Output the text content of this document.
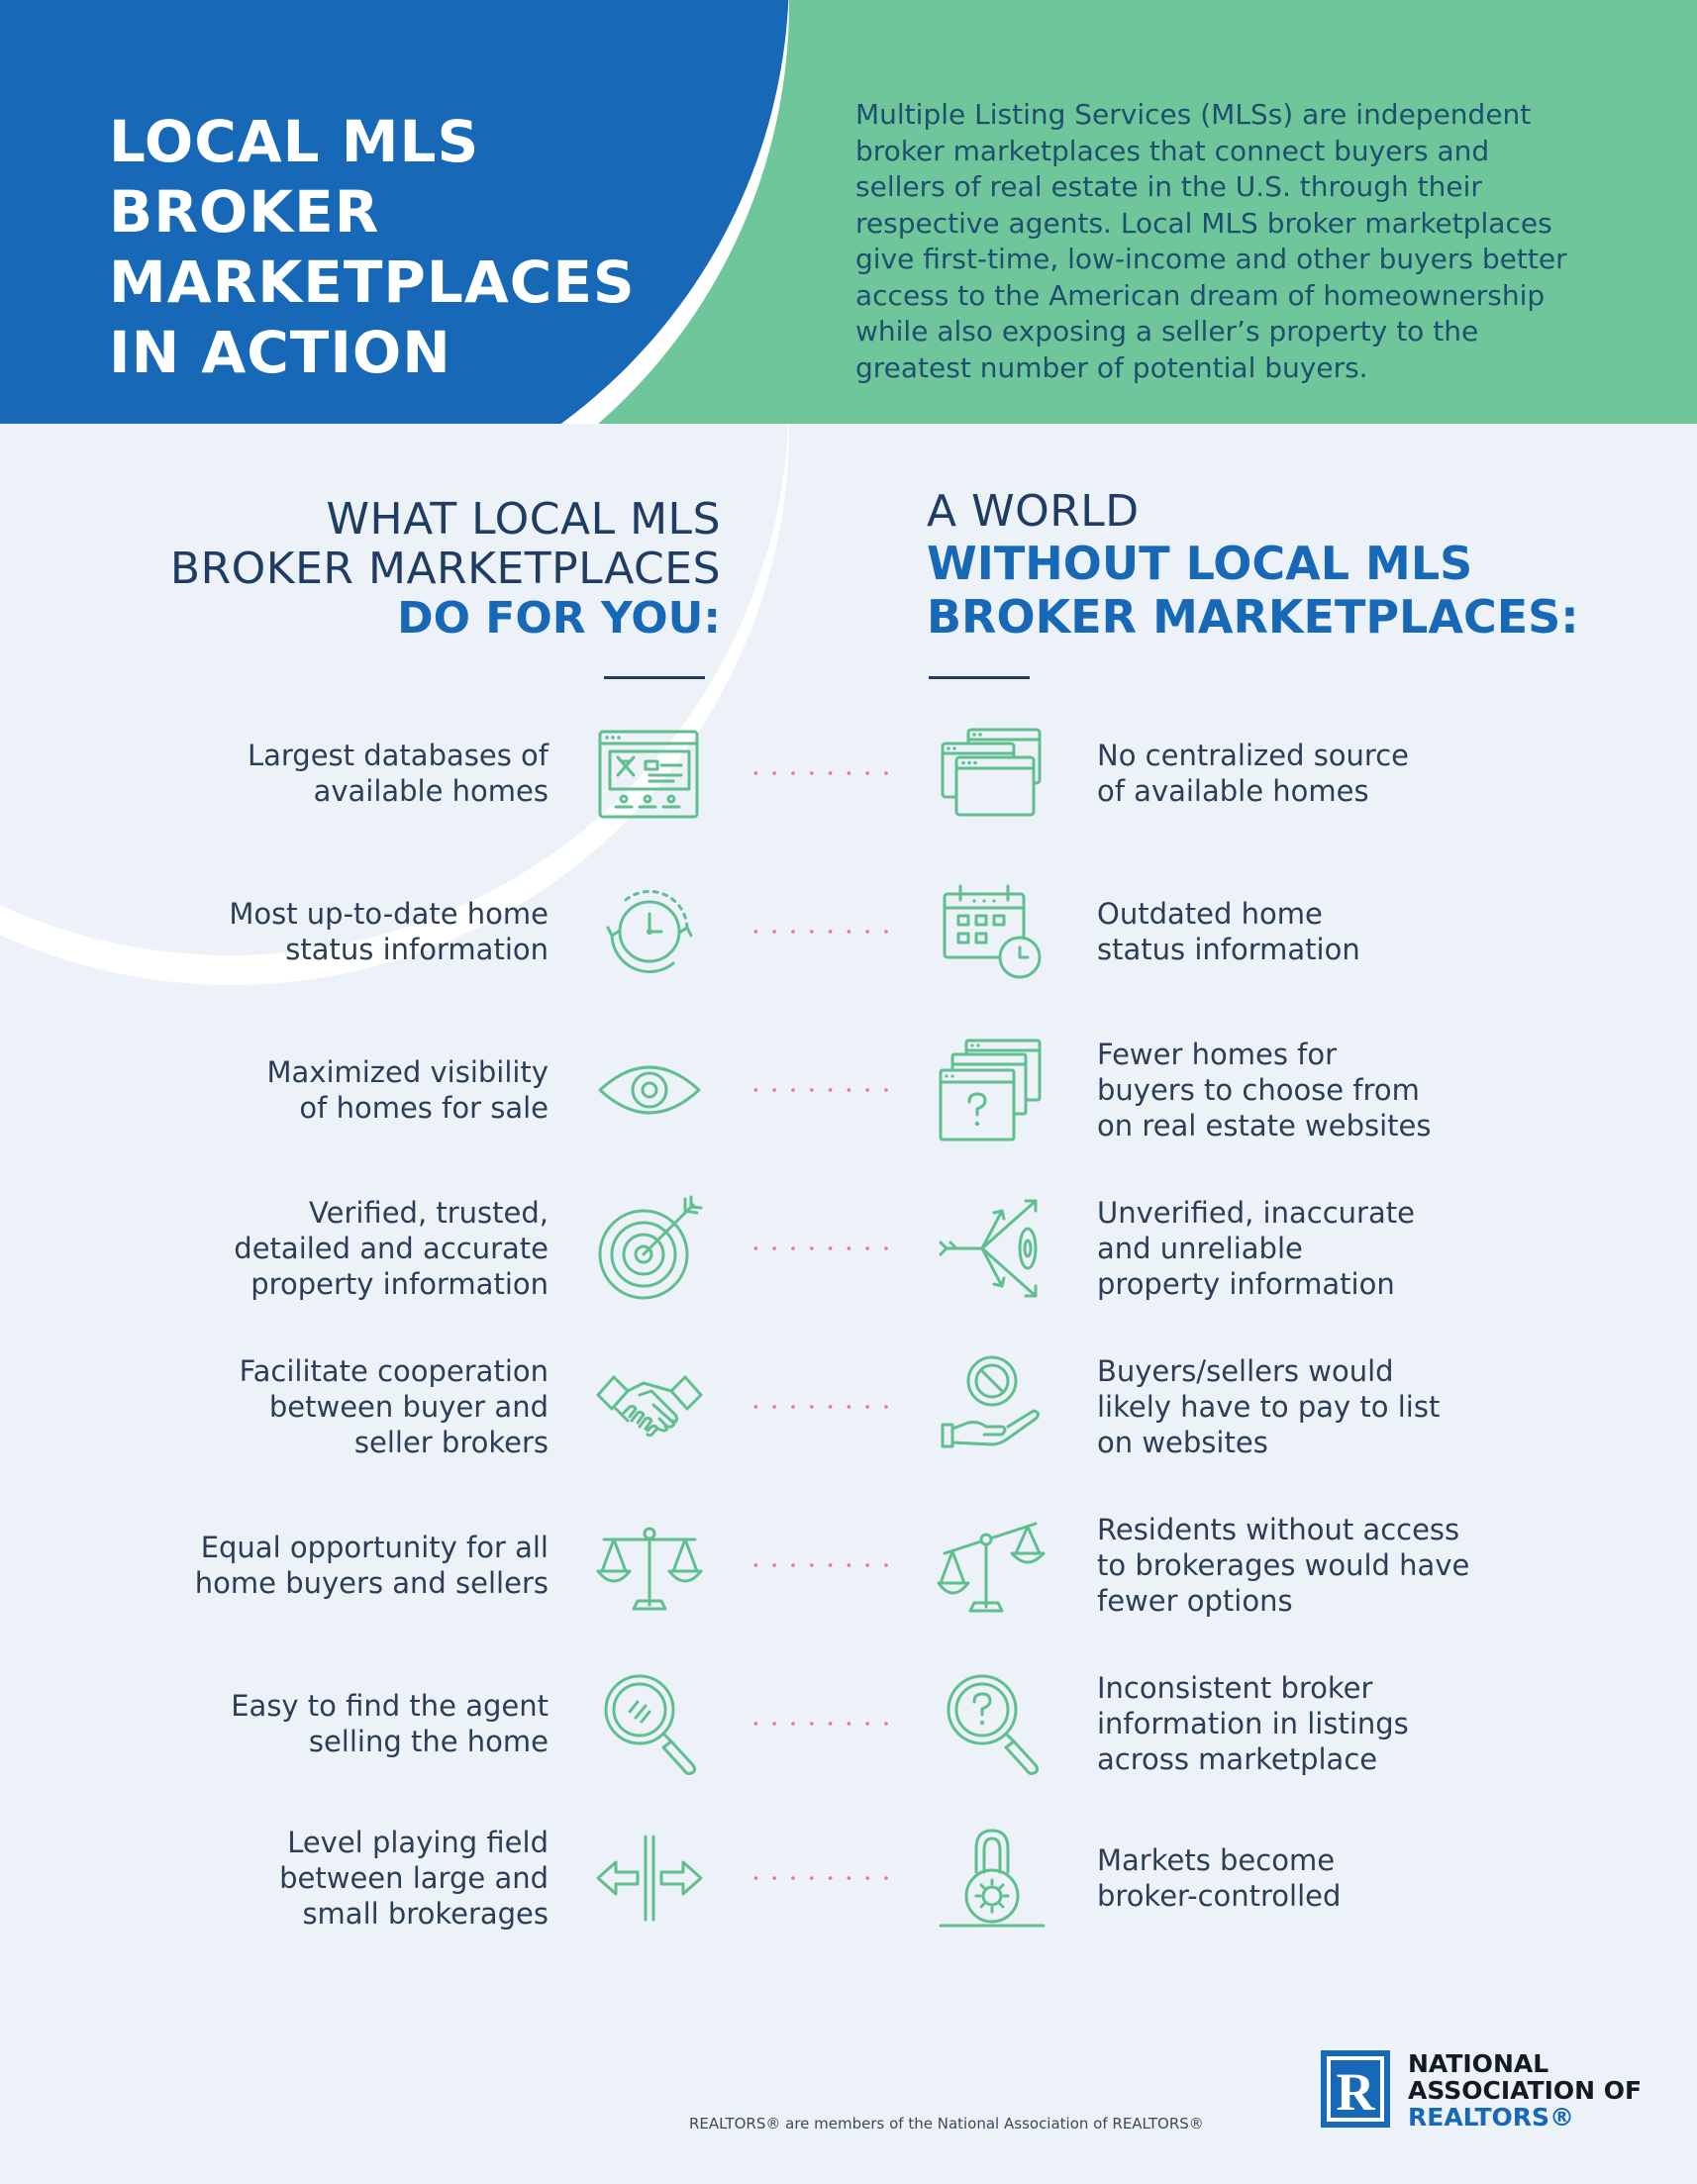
LOCAL MLS
BROKER
MARKETPLACES
IN ACTION

Multiple Listing Services (MLSs) are independent
broker marketplaces that connect buyers and
sellers of real estate in the U.S. through their
respective agents. Local MLS broker marketplaces
give first-time, low-income and other buyers better
access to the American dream of homeownership
while also exposing a seller’s property to the
greatest number of potential buyers.

WHAT LOCAL MLS
BROKER MARKETPLACES
DO FOR YOU:
A WORLD
WITHOUT LOCAL MLS
BROKER MARKETPLACES:
Largest databases of
available homes
No centralized source
of available homes
Most up-to-date home
status information
Outdated home
status information
Maximized visibility
of homes for sale
Fewer homes for
buyers to choose from
on real estate websites
Verified, trusted,
detailed and accurate
property information
Unverified, inaccurate
and unreliable
property information
Facilitate cooperation
between buyer and
seller brokers
Buyers/sellers would
likely have to pay to list
on websites
Equal opportunity for all
home buyers and sellers
Residents without access
to brokerages would have
fewer options
Easy to find the agent
selling the home
Inconsistent broker
information in listings
across marketplace
Level playing field
between large and
small brokerages
Markets become
broker-controlled
REALTORS® are members of the National Association of REALTORS®
R NATIONAL
ASSOCIATION OF
REALTORS®
